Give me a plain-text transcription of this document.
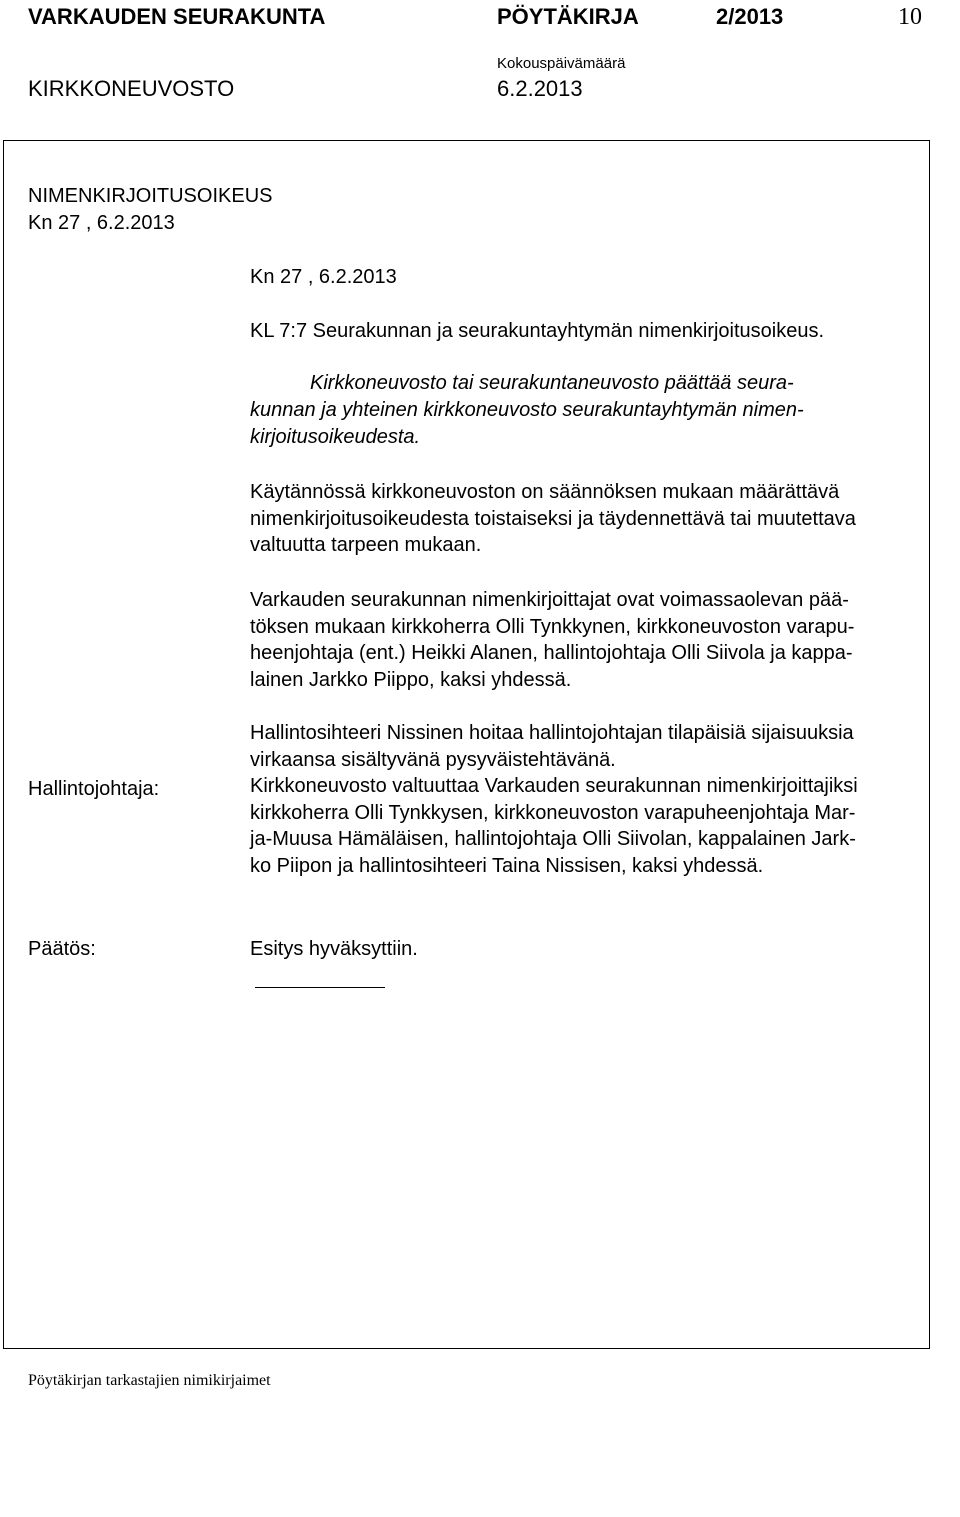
VARKAUDEN SEURAKUNTA	PÖYTÄKIRJA	2/2013	10
Kokouspäivämäärä
KIRKKONEUVOSTO	6.2.2013
NIMENKIRJOITUSOIKEUS
Kn 27 , 6.2.2013
Kn 27 , 6.2.2013
KL 7:7 Seurakunnan ja seurakuntayhtymän nimenkirjoitusoikeus.
Kirkkoneuvosto tai seurakuntaneuvosto päättää seura-
kunnan ja yhteinen kirkkoneuvosto seurakuntayhtymän nimen-
kirjoitusoikeudesta.
Käytännössä kirkkoneuvoston on säännöksen mukaan määrättävä
nimenkirjoitusoikeudesta toistaiseksi ja täydennettävä tai muutettava
valtuutta tarpeen mukaan.
Varkauden seurakunnan nimenkirjoittajat ovat voimassaolevan pää-
töksen mukaan kirkkoherra Olli Tynkkynen, kirkkoneuvoston varapu-
heenjohtaja (ent.) Heikki Alanen, hallintojohtaja Olli Siivola ja kappa-
lainen Jarkko Piippo, kaksi yhdessä.
Hallintosihteeri Nissinen hoitaa hallintojohtajan tilapäisiä sijaisuuksia
virkaansa sisältyvänä pysyväistehtävänä.
Hallintojohtaja:	Kirkkoneuvosto valtuuttaa Varkauden seurakunnan nimenkirjoittajiksi
kirkkoherra Olli Tynkkysen, kirkkoneuvoston varapuheenjohtaja Mar-
ja-Muusa Hämäläisen, hallintojohtaja Olli Siivolan, kappalainen Jark-
ko Piipon ja hallintosihteeri Taina Nissisen, kaksi yhdessä.
Päätös:	Esitys hyväksyttiin.
Pöytäkirjan tarkastajien nimikirjaimet
